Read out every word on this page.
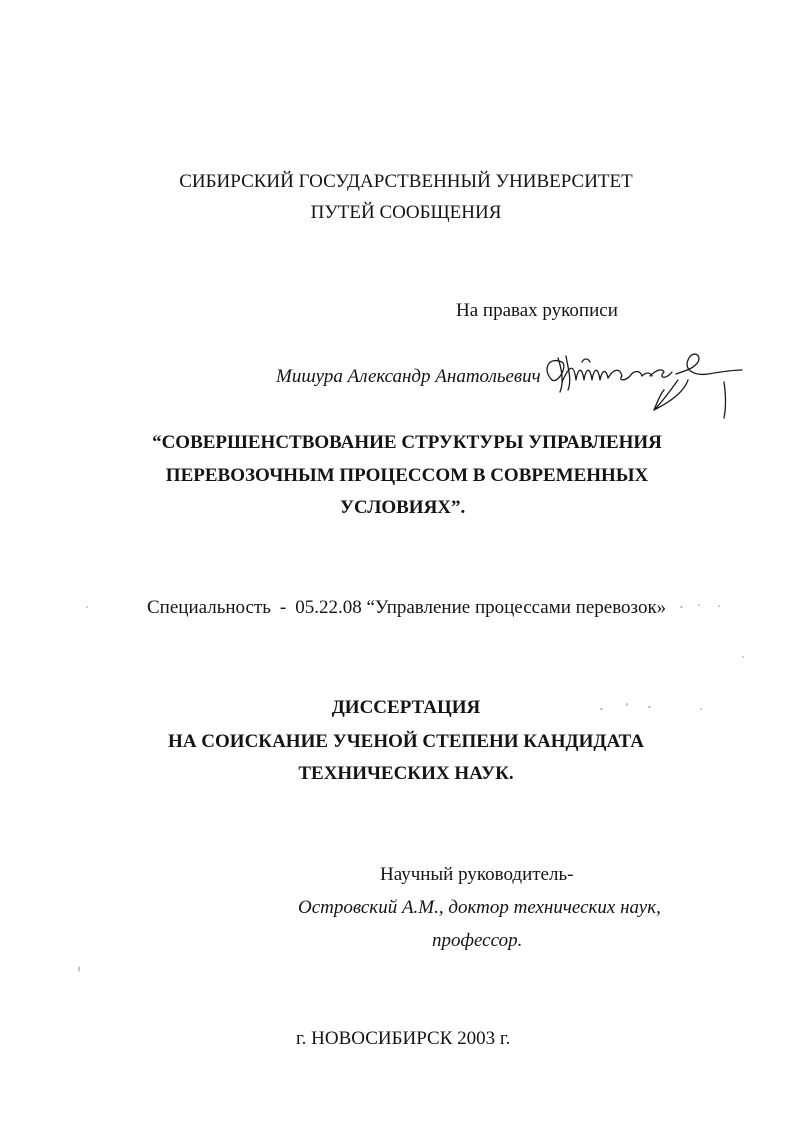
СИБИРСКИЙ ГОСУДАРСТВЕННЫЙ УНИВЕРСИТЕТ
ПУТЕЙ СООБЩЕНИЯ
На правах рукописи
Мишура Александр Анатольевич
“СОВЕРШЕНСТВОВАНИЕ СТРУКТУРЫ УПРАВЛЕНИЯ
ПЕРЕВОЗОЧНЫМ ПРОЦЕССОМ В СОВРЕМЕННЫХ
УСЛОВИЯХ”.
Специальность - 05.22.08 “Управление процессами перевозок»
ДИССЕРТАЦИЯ
НА СОИСКАНИЕ УЧЕНОЙ СТЕПЕНИ КАНДИДАТА
ТЕХНИЧЕСКИХ НАУК.
Научный руководитель-
Островский А.М., доктор технических наук,
профессор.
г. НОВОСИБИРСК 2003 г.
